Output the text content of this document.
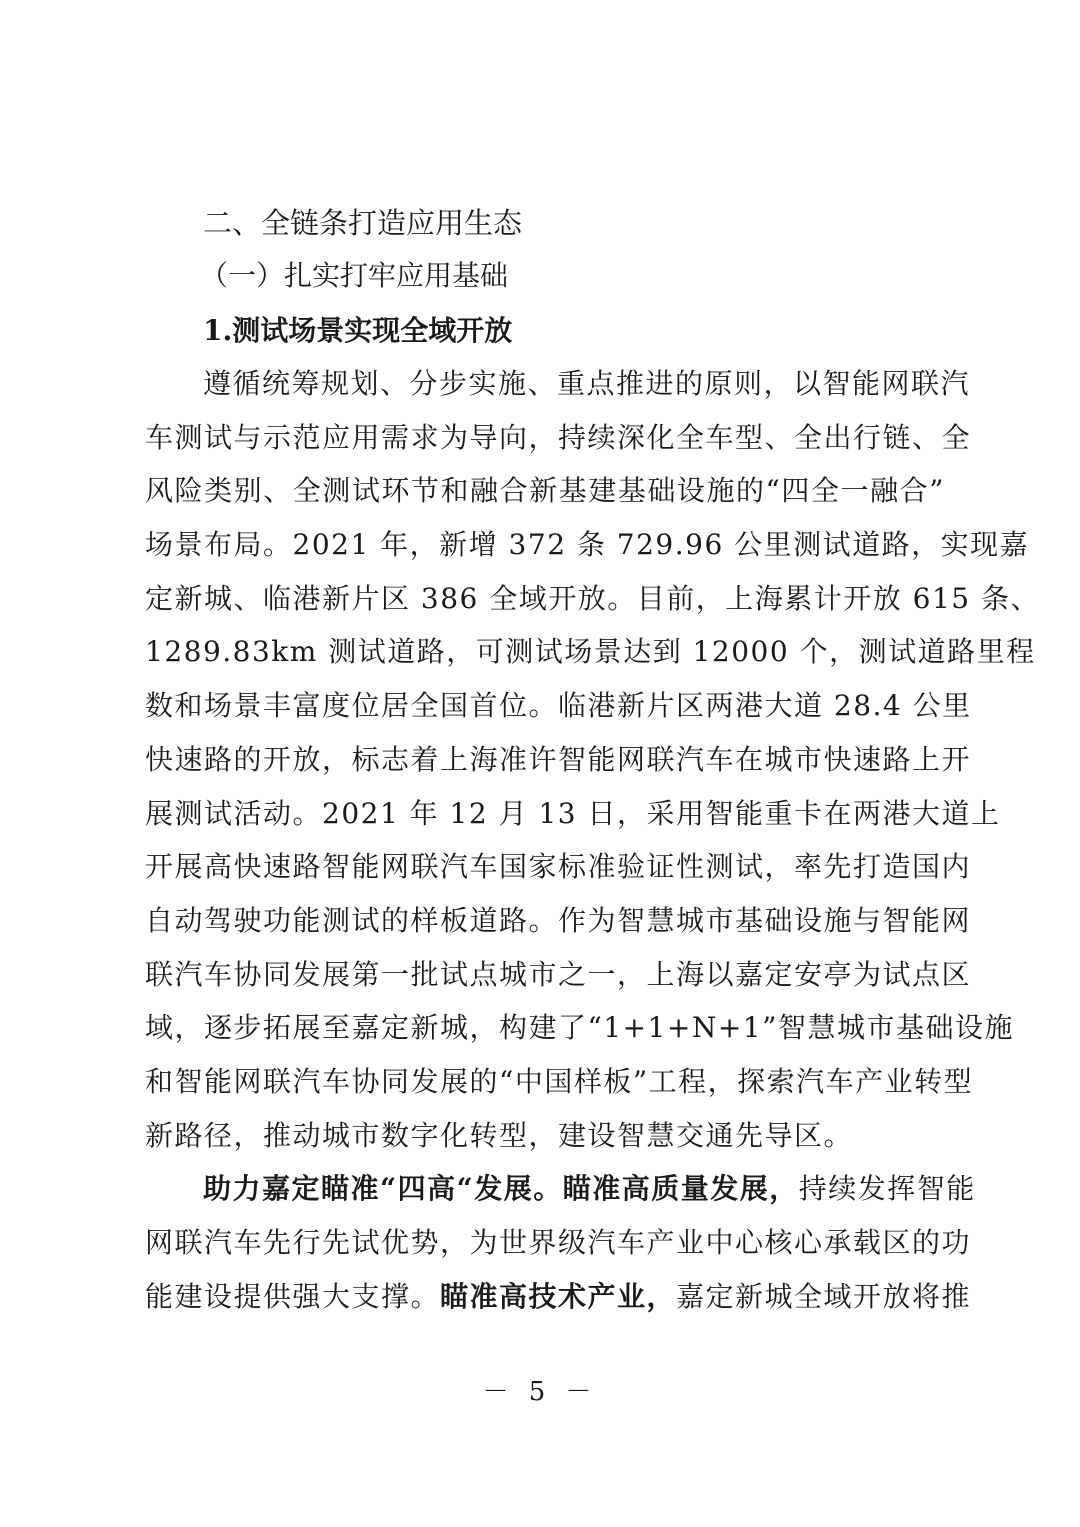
二、全链条打造应用生态
（一）扎实打牢应用基础
1.测试场景实现全域开放
遵循统筹规划、分步实施、重点推进的原则，以智能网联汽
车测试与示范应用需求为导向，持续深化全车型、全出行链、全
风险类别、全测试环节和融合新基建基础设施的“四全一融合”
场景布局。2021 年，新增 372 条 729.96 公里测试道路，实现嘉
定新城、临港新片区 386 全域开放。目前，上海累计开放 615 条、
1289.83km 测试道路，可测试场景达到 12000 个，测试道路里程
数和场景丰富度位居全国首位。临港新片区两港大道 28.4 公里
快速路的开放，标志着上海准许智能网联汽车在城市快速路上开
展测试活动。2021 年 12 月 13 日，采用智能重卡在两港大道上
开展高快速路智能网联汽车国家标准验证性测试，率先打造国内
自动驾驶功能测试的样板道路。作为智慧城市基础设施与智能网
联汽车协同发展第一批试点城市之一，上海以嘉定安亭为试点区
域，逐步拓展至嘉定新城，构建了“1+1+N+1”智慧城市基础设施
和智能网联汽车协同发展的“中国样板”工程，探索汽车产业转型
新路径，推动城市数字化转型，建设智慧交通先导区。
助力嘉定瞄准“四高“发展。瞄准高质量发展，持续发挥智能
网联汽车先行先试优势，为世界级汽车产业中心核心承载区的功
能建设提供强大支撑。瞄准高技术产业，嘉定新城全域开放将推
－ 5 －
